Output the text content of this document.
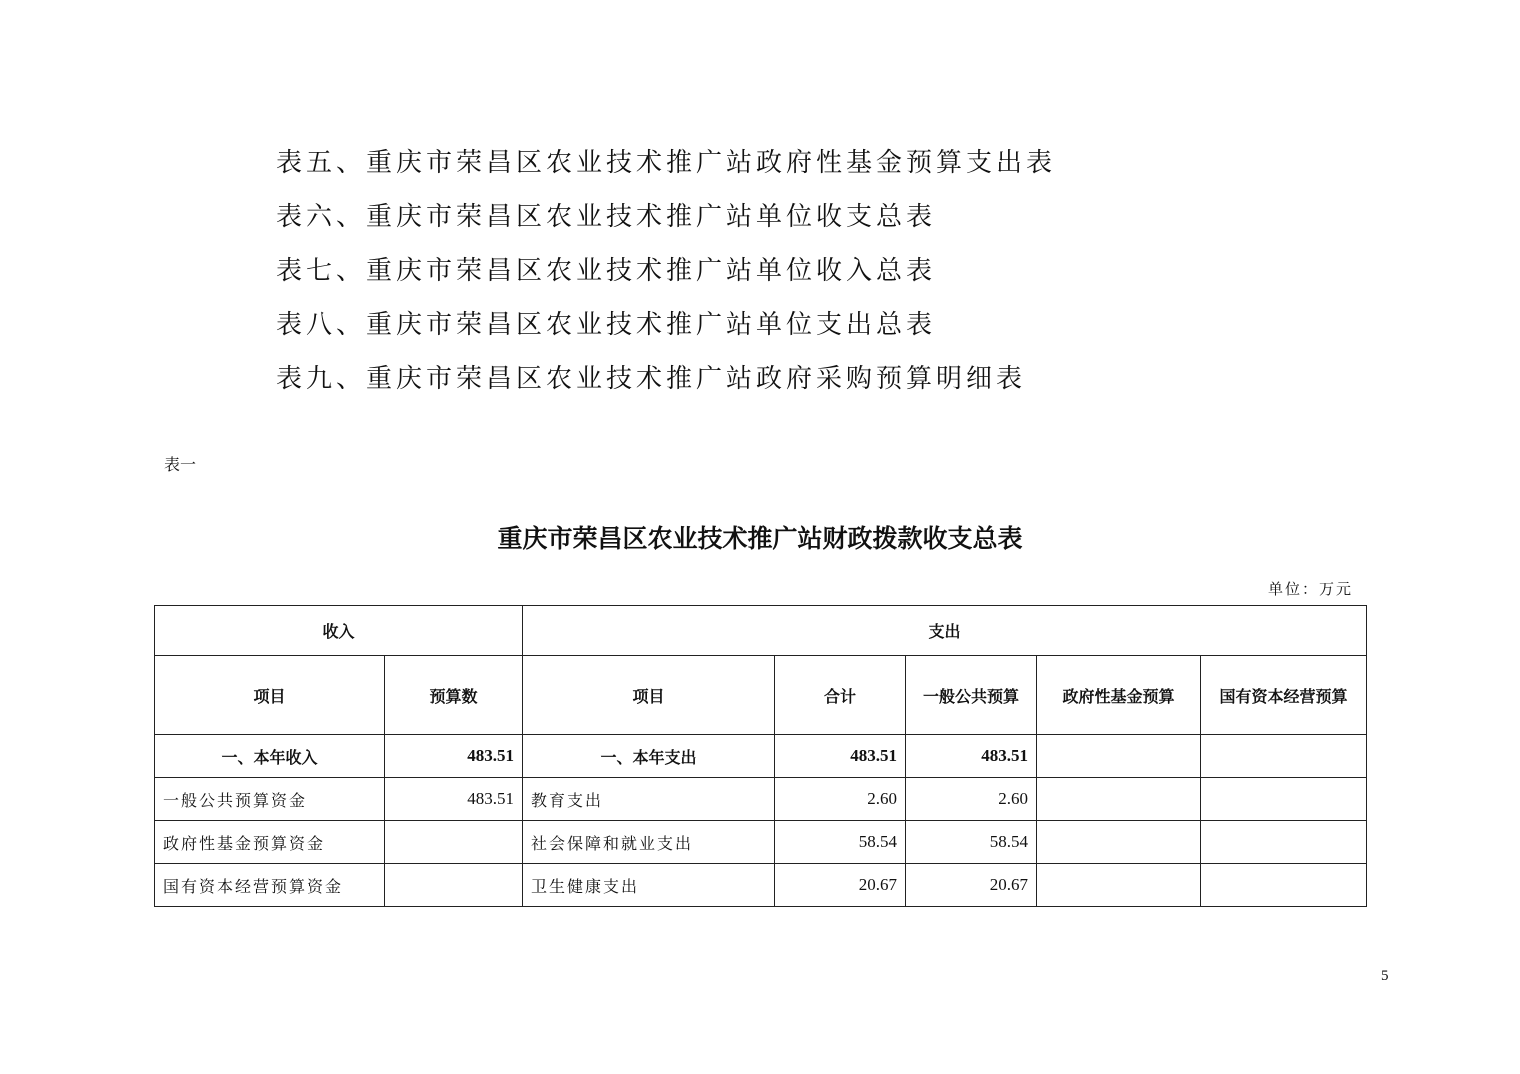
表五、重庆市荣昌区农业技术推广站政府性基金预算支出表
表六、重庆市荣昌区农业技术推广站单位收支总表
表七、重庆市荣昌区农业技术推广站单位收入总表
表八、重庆市荣昌区农业技术推广站单位支出总表
表九、重庆市荣昌区农业技术推广站政府采购预算明细表
表一
重庆市荣昌区农业技术推广站财政拨款收支总表
单位：万元
收入		支出				
项目	预算数	项目	合计	一般公共预算	政府性基金预算	国有资本经营预算
一、本年收入	483.51	一、本年支出	483.51	483.51		
一般公共预算资金	483.51	教育支出	2.60	2.60		
政府性基金预算资金		社会保障和就业支出	58.54	58.54		
国有资本经营预算资金		卫生健康支出	20.67	20.67		
5
